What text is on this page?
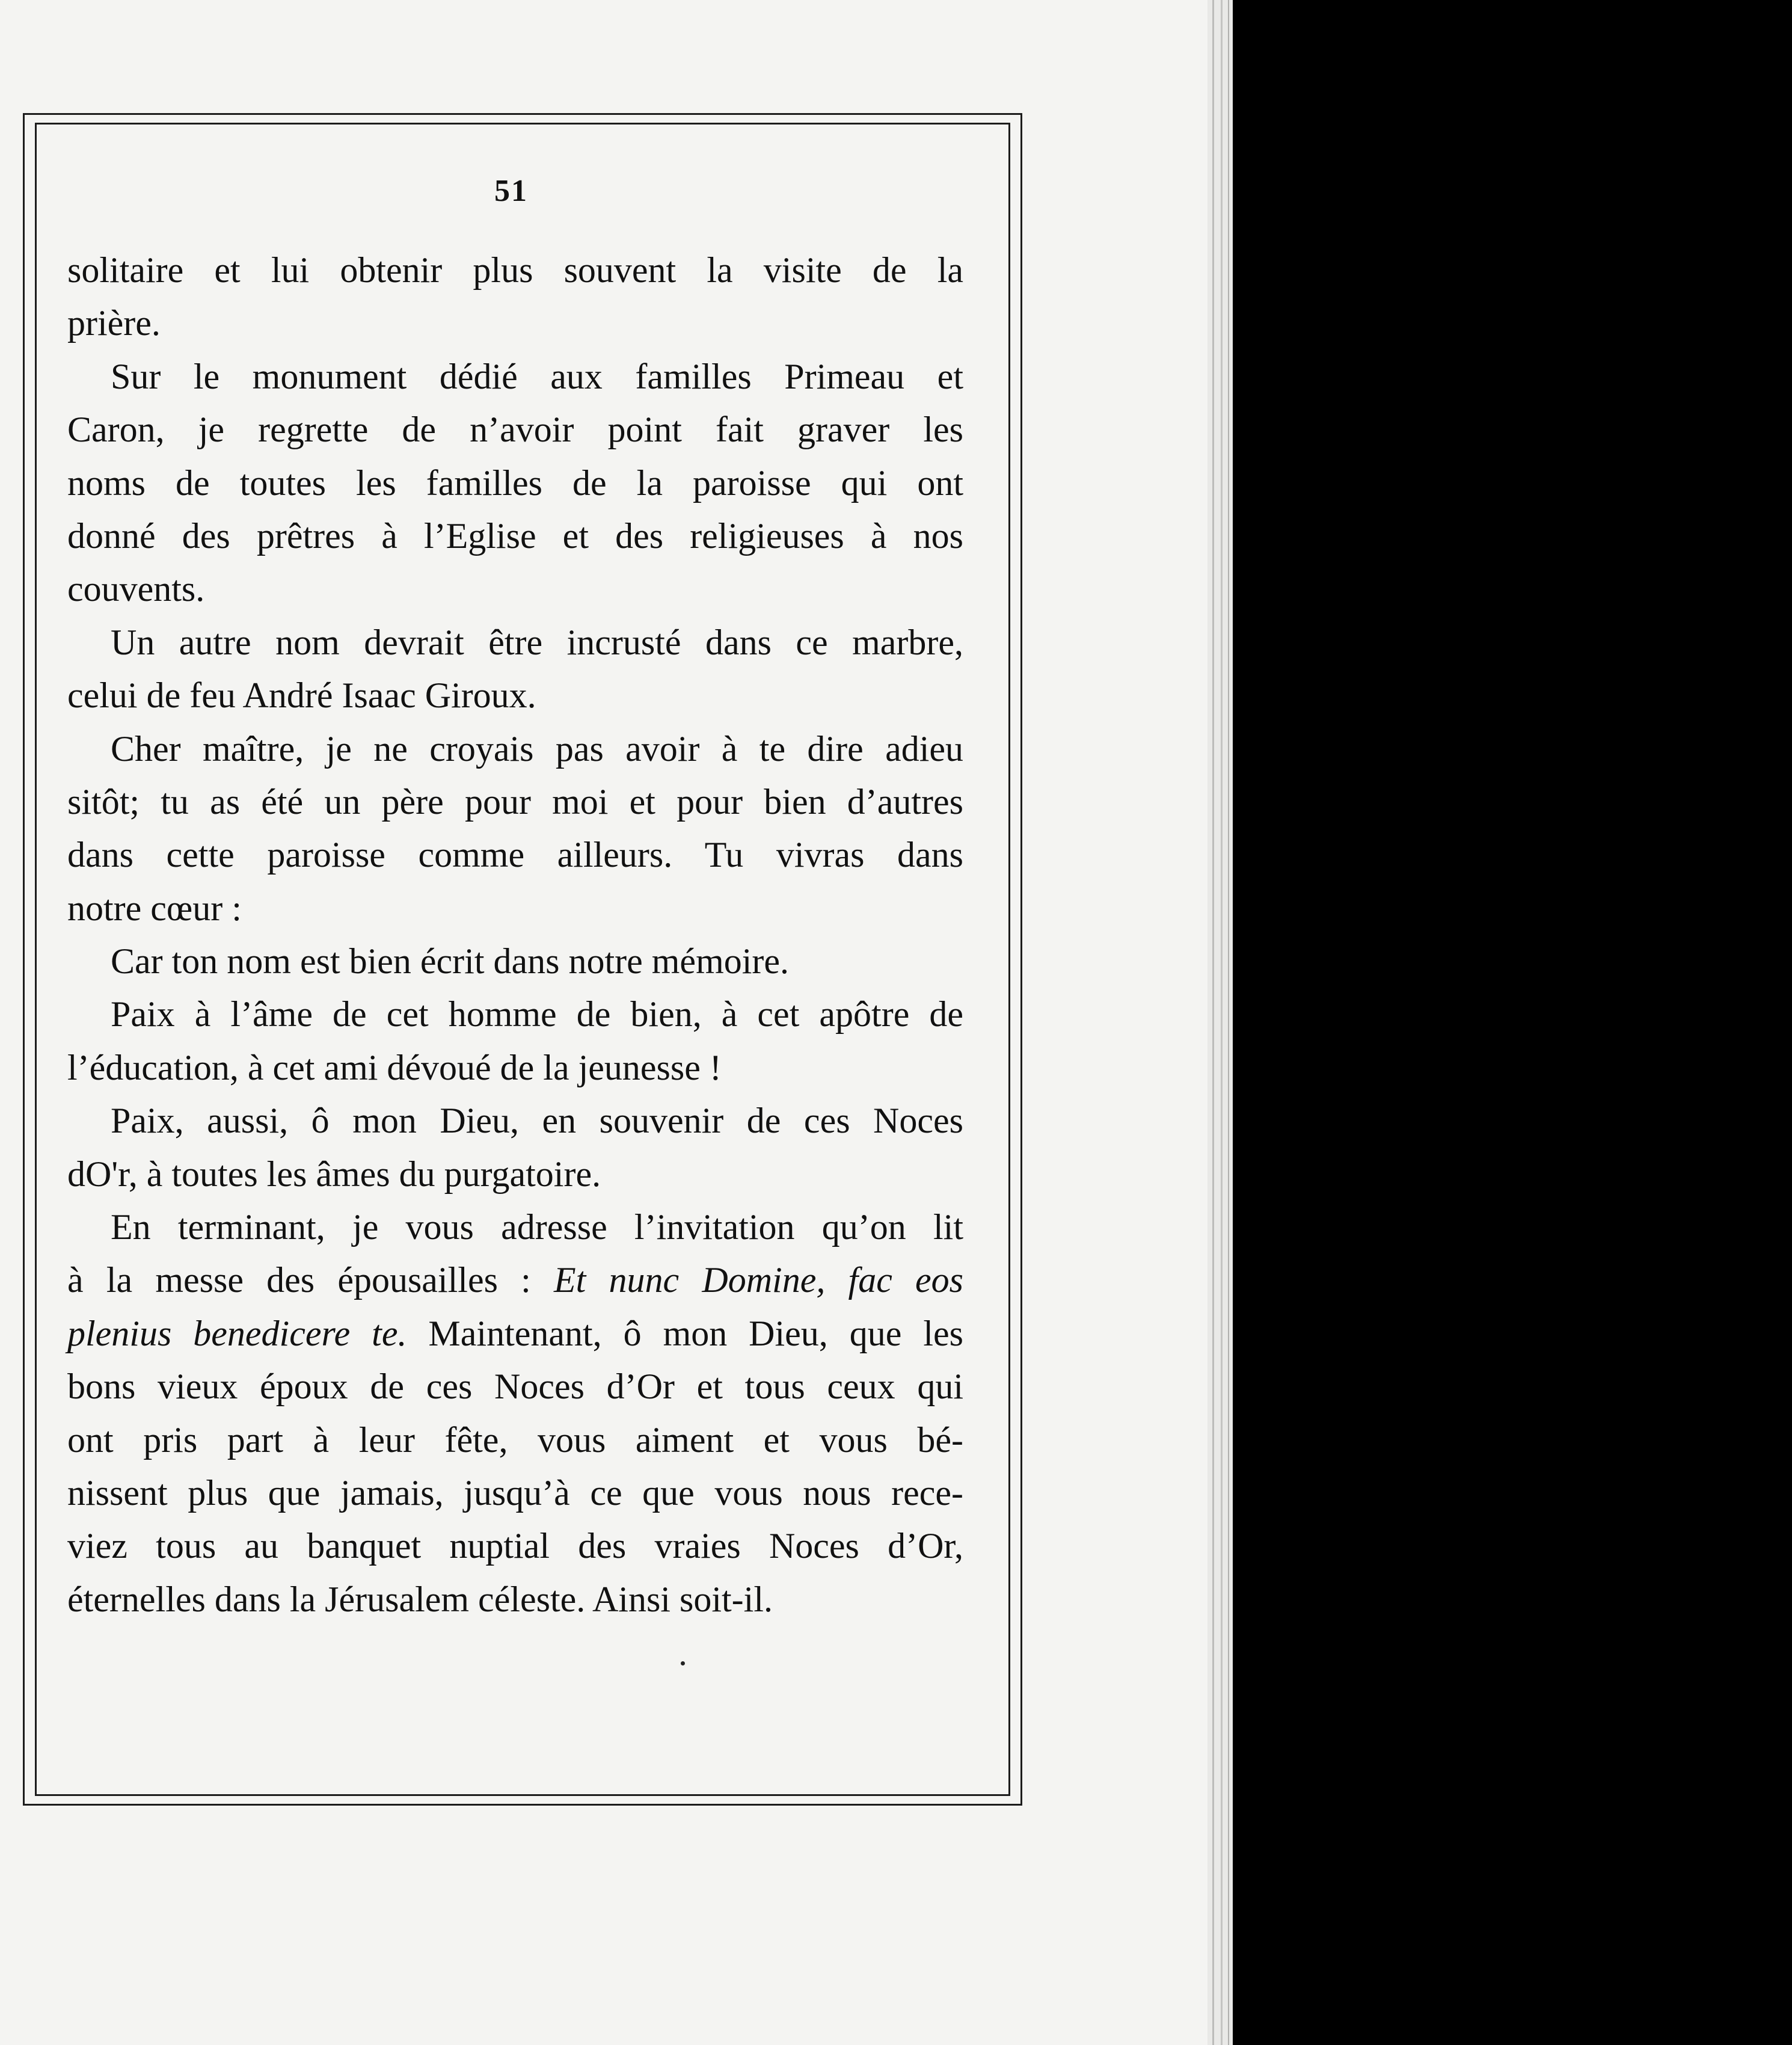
51
solitaire et lui obtenir plus souvent la visite de la
prière.
Sur le monument dédié aux familles Primeau et
Caron, je regrette de n’avoir point fait graver les
noms de toutes les familles de la paroisse qui ont
donné des prêtres à l’Eglise et des religieuses à nos
couvents.
Un autre nom devrait être incrusté dans ce marbre,
celui de feu André Isaac Giroux.
Cher maître, je ne croyais pas avoir à te dire adieu
sitôt; tu as été un père pour moi et pour bien d’autres
dans cette paroisse comme ailleurs. Tu vivras dans
notre cœur :
Car ton nom est bien écrit dans notre mémoire.
Paix à l’âme de cet homme de bien, à cet apôtre de
l’éducation, à cet ami dévoué de la jeunesse !
Paix, aussi, ô mon Dieu, en souvenir de ces Noces
dO'r, à toutes les âmes du purgatoire.
En terminant, je vous adresse l’invitation qu’on lit
à la messe des épousailles : Et nunc Domine, fac eos
plenius benedicere te. Maintenant, ô mon Dieu, que les
bons vieux époux de ces Noces d’Or et tous ceux qui
ont pris part à leur fête, vous aiment et vous bé-
nissent plus que jamais, jusqu’à ce que vous nous rece-
viez tous au banquet nuptial des vraies Noces d’Or,
éternelles dans la Jérusalem céleste. Ainsi soit-il.
